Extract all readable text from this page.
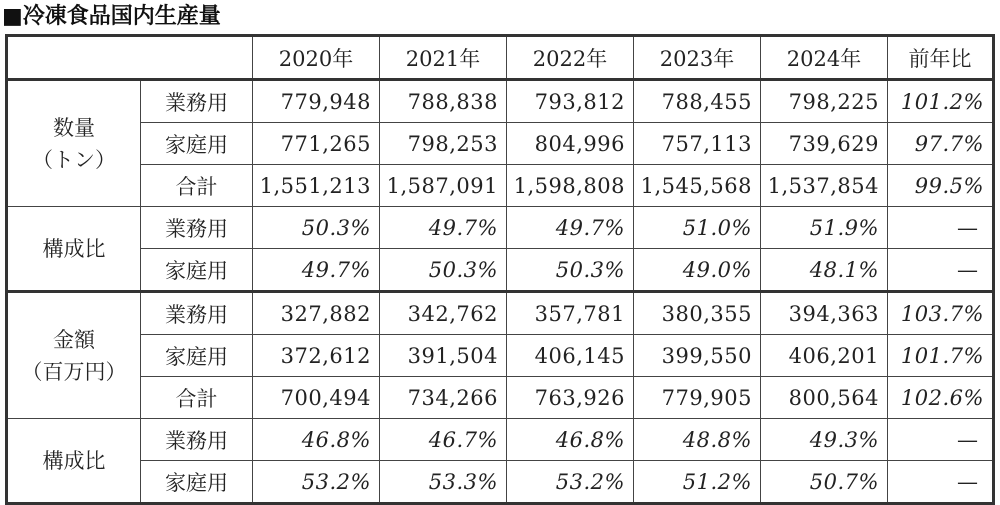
■冷凍食品国内生産量
		2020年	2021年	2022年	2023年	2024年	前年比

数量
（トン）	業務用	779,948	788,838	793,812	788,455	798,225	101.2%
	家庭用	771,265	798,253	804,996	757,113	739,629	97.7%
	合計	1,551,213	1,587,091	1,598,808	1,545,568	1,537,854	99.5%

構成比	業務用	50.3%	49.7%	49.7%	51.0%	51.9%	—
	家庭用	49.7%	50.3%	50.3%	49.0%	48.1%	—

金額
（百万円）	業務用	327,882	342,762	357,781	380,355	394,363	103.7%
	家庭用	372,612	391,504	406,145	399,550	406,201	101.7%
	合計	700,494	734,266	763,926	779,905	800,564	102.6%

構成比	業務用	46.8%	46.7%	46.8%	48.8%	49.3%	—
	家庭用	53.2%	53.3%	53.2%	51.2%	50.7%	—
